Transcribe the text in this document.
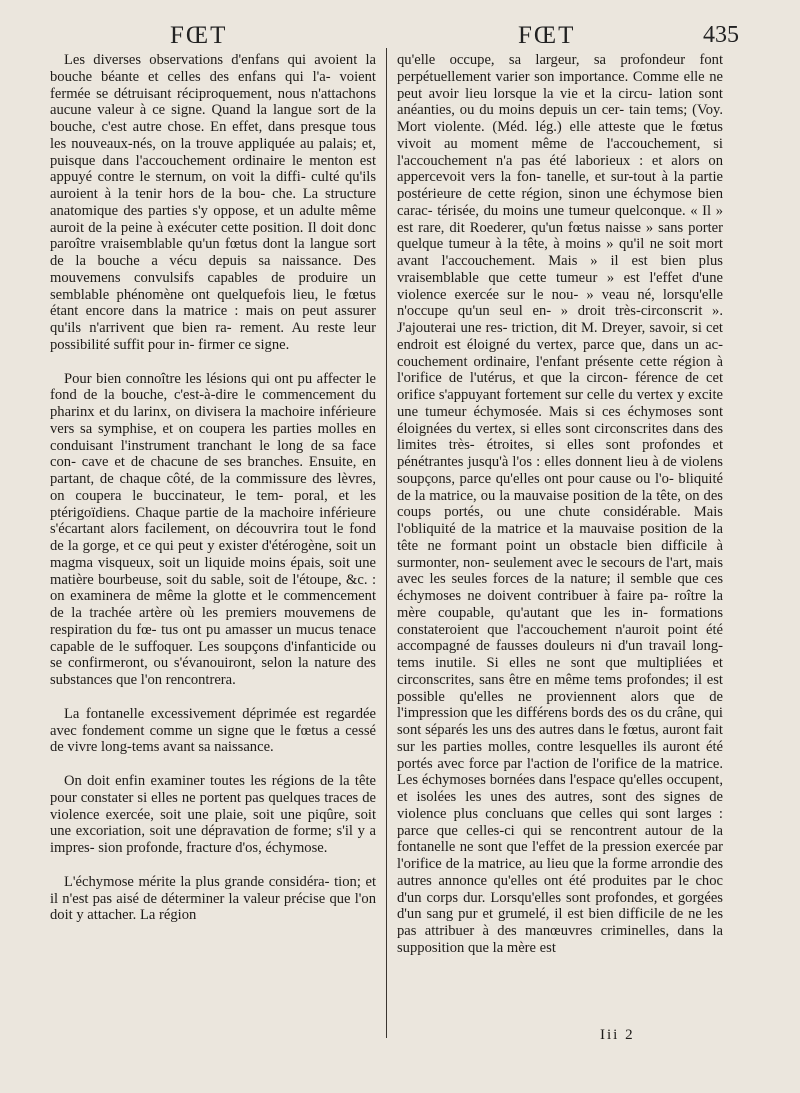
FŒT	FŒT	435

Les diverses observations d'enfans qui avoient la bouche béante et celles des enfans qui l'a- voient fermée se détruisant réciproquement, nous n'attachons aucune valeur à ce signe. Quand la langue sort de la bouche, c'est autre chose. En effet, dans presque tous les nouveaux-nés, on la trouve appliquée au palais; et, puisque dans l'accouchement ordinaire le menton est appuyé contre le sternum, on voit la diffi- culté qu'ils auroient à la tenir hors de la bou- che. La structure anatomique des parties s'y oppose, et un adulte même auroit de la peine à exécuter cette position. Il doit donc paroître vraisemblable qu'un fœtus dont la langue sort de la bouche a vécu depuis sa naissance. Des mouvemens convulsifs capables de produire un semblable phénomène ont quelquefois lieu, le fœtus étant encore dans la matrice : mais on peut assurer qu'ils n'arrivent que bien ra- rement. Au reste leur possibilité suffit pour in- firmer ce signe.

Pour bien connoître les lésions qui ont pu affecter le fond de la bouche, c'est-à-dire le commencement du pharinx et du larinx, on divisera la machoire inférieure vers sa symphise, et on coupera les parties molles en conduisant l'instrument tranchant le long de sa face con- cave et de chacune de ses branches. Ensuite, en partant, de chaque côté, de la commissure des lèvres, on coupera le buccinateur, le tem- poral, et les ptérigoïdiens. Chaque partie de la machoire inférieure s'écartant alors facilement, on découvrira tout le fond de la gorge, et ce qui peut y exister d'étérogène, soit un magma visqueux, soit un liquide moins épais, soit une matière bourbeuse, soit du sable, soit de l'étoupe, &c. : on examinera de même la glotte et le commencement de la trachée artère où les premiers mouvemens de respiration du fœ- tus ont pu amasser un mucus tenace capable de le suffoquer. Les soupçons d'infanticide ou se confirmeront, ou s'évanouiront, selon la nature des substances que l'on rencontrera.

La fontanelle excessivement déprimée est regardée avec fondement comme un signe que le fœtus a cessé de vivre long-tems avant sa naissance.

On doit enfin examiner toutes les régions de la tête pour constater si elles ne portent pas quelques traces de violence exercée, soit une plaie, soit une piqûre, soit une excoriation, soit une dépravation de forme; s'il y a impres- sion profonde, fracture d'os, échymose.

L'échymose mérite la plus grande considéra- tion; et il n'est pas aisé de déterminer la valeur précise que l'on doit y attacher. La région

qu'elle occupe, sa largeur, sa profondeur font perpétuellement varier son importance. Comme elle ne peut avoir lieu lorsque la vie et la circu- lation sont anéanties, ou du moins depuis un cer- tain tems; (Voy. Mort violente. (Méd. lég.) elle atteste que le fœtus vivoit au moment même de l'accouchement, si l'accouchement n'a pas été laborieux : et alors on appercevoit vers la fon- tanelle, et sur-tout à la partie postérieure de cette région, sinon une échymose bien carac- térisée, du moins une tumeur quelconque. « Il » est rare, dit Roederer, qu'un fœtus naisse » sans porter quelque tumeur à la tête, à moins » qu'il ne soit mort avant l'accouchement. Mais » il est bien plus vraisemblable que cette tumeur » est l'effet d'une violence exercée sur le nou- » veau né, lorsqu'elle n'occupe qu'un seul en- » droit très-circonscrit ». J'ajouterai une res- triction, dit M. Dreyer, savoir, si cet endroit est éloigné du vertex, parce que, dans un ac- couchement ordinaire, l'enfant présente cette région à l'orifice de l'utérus, et que la circon- férence de cet orifice s'appuyant fortement sur celle du vertex y excite une tumeur échymosée. Mais si ces échymoses sont éloignées du vertex, si elles sont circonscrites dans des limites très- étroites, si elles sont profondes et pénétrantes jusqu'à l'os : elles donnent lieu à de violens soupçons, parce qu'elles ont pour cause ou l'o- bliquité de la matrice, ou la mauvaise position de la tête, on des coups portés, ou une chute considérable. Mais l'obliquité de la matrice et la mauvaise position de la tête ne formant point un obstacle bien difficile à surmonter, non- seulement avec le secours de l'art, mais avec les seules forces de la nature; il semble que ces échymoses ne doivent contribuer à faire pa- roître la mère coupable, qu'autant que les in- formations constateroient que l'accouchement n'auroit point été accompagné de fausses douleurs ni d'un travail long-tems inutile. Si elles ne sont que multipliées et circonscrites, sans être en même tems profondes; il est possible qu'elles ne proviennent alors que de l'impression que les différens bords des os du crâne, qui sont séparés les uns des autres dans le fœtus, auront fait sur les parties molles, contre lesquelles ils auront été portés avec force par l'action de l'orifice de la matrice. Les échymoses bornées dans l'espace qu'elles occupent, et isolées les unes des autres, sont des signes de violence plus concluans que celles qui sont larges : parce que celles-ci qui se rencontrent autour de la fontanelle ne sont que l'effet de la pression exercée par l'orifice de la matrice, au lieu que la forme arrondie des autres annonce qu'elles ont été produites par le choc d'un corps dur. Lorsqu'elles sont profondes, et gorgées d'un sang pur et grumelé, il est bien difficile de ne les pas attribuer à des manœuvres criminelles, dans la supposition que la mère est

Iii 2
